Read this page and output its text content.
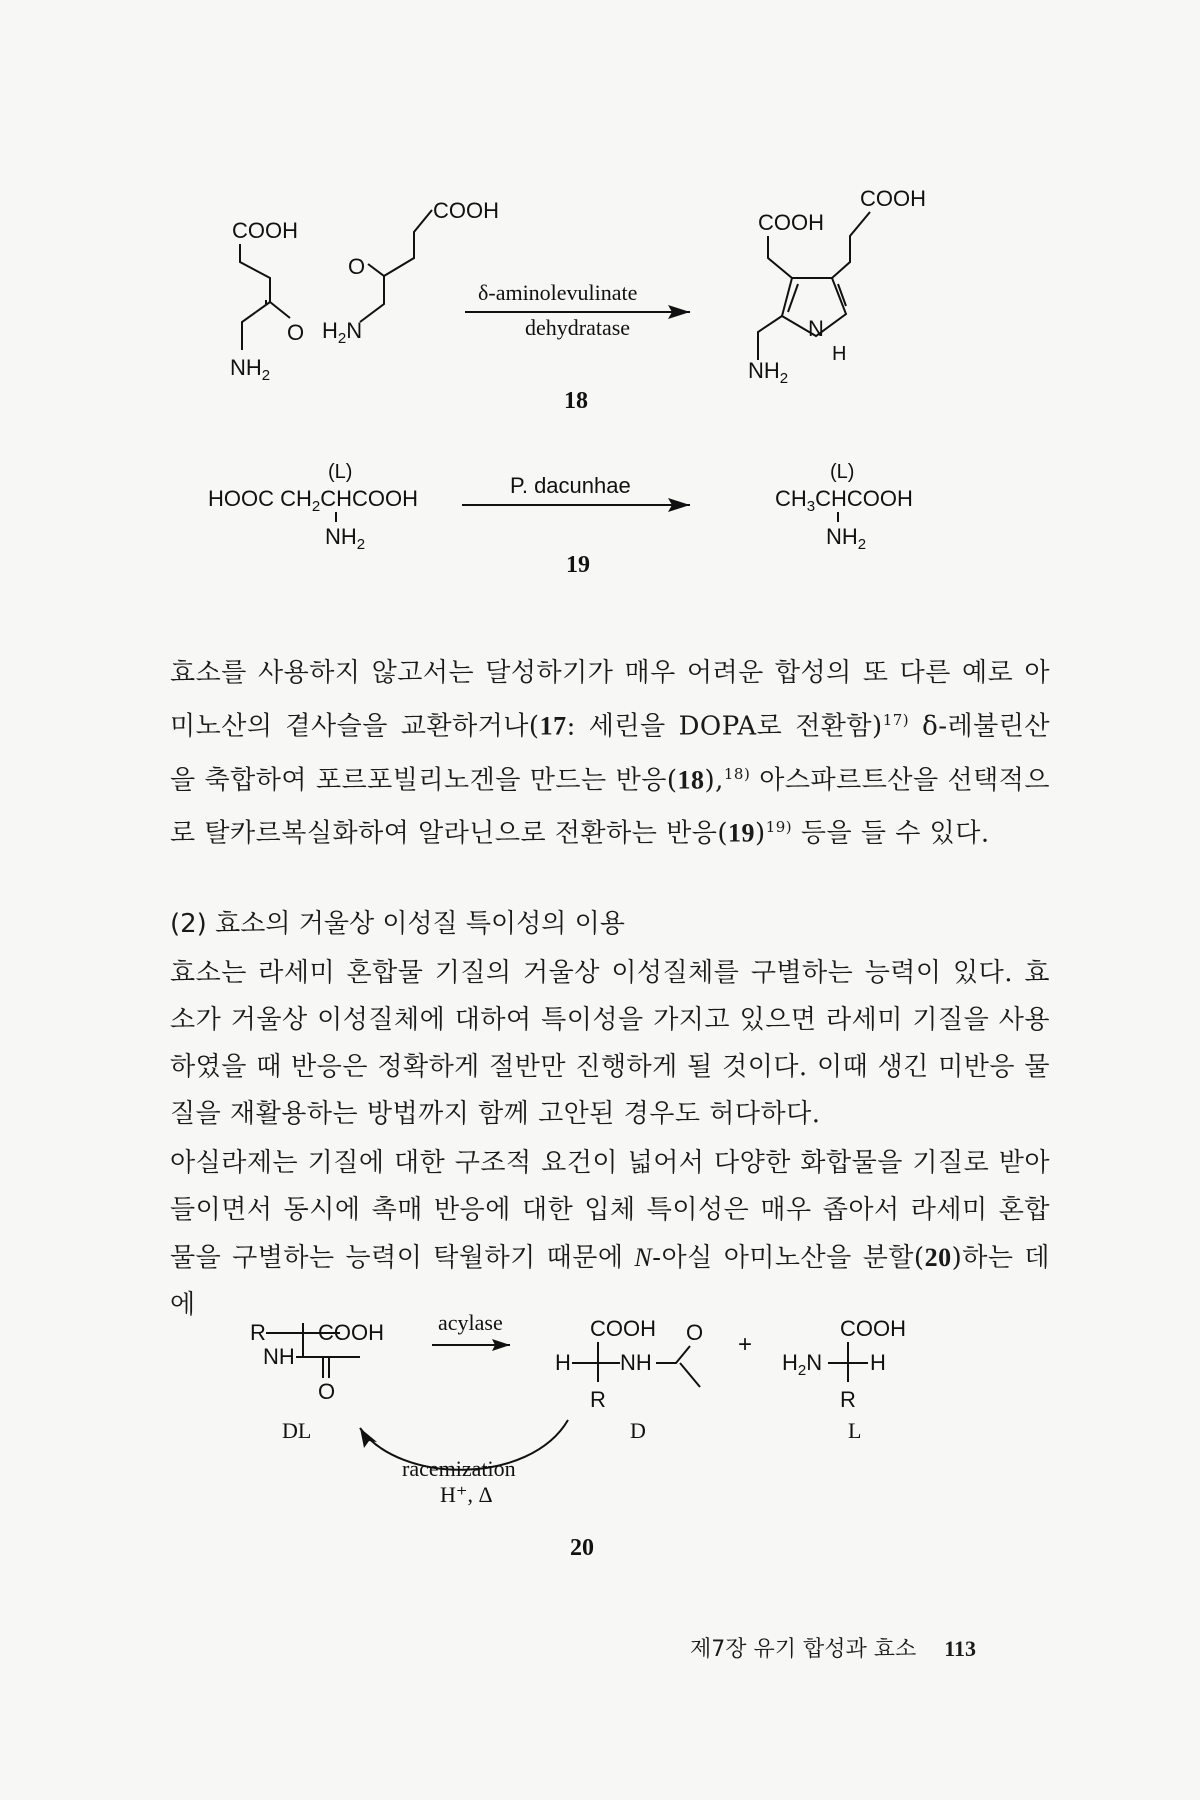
COOH
O
$NH_2$
COOH
O
$H_2N$
δ-aminolevulinate
dehydratase
COOH
COOH
N
H
$NH_2$
18
(L)
HOOC $CH_2CHCOOH$
$NH_2$
P. dacunhae
(L)
$CH_3CHCOOH$
$NH_2$
19

효소를 사용하지 않고서는 달성하기가 매우 어려운 합성의 또 다른 예로 아미노산의 곁사슬을 교환하거나(17: 세린을 DOPA로 전환함)$^{17)}$ δ-레불린산을 축합하여 포르포빌리노겐을 만드는 반응(18),$^{18)}$ 아스파르트산을 선택적으로 탈카르복실화하여 알라닌으로 전환하는 반응$(19)^{19)}$ 등을 들 수 있다.

(2) 효소의 거울상 이성질 특이성의 이용

효소는 라세미 혼합물 기질의 거울상 이성질체를 구별하는 능력이 있다. 효소가 거울상 이성질체에 대하여 특이성을 가지고 있으면 라세미 기질을 사용하였을 때 반응은 정확하게 절반만 진행하게 될 것이다. 이때 생긴 미반응 물질을 재활용하는 방법까지 함께 고안된 경우도 허다하다.

아실라제는 기질에 대한 구조적 요건이 넓어서 다양한 화합물을 기질로 받아들이면서 동시에 촉매 반응에 대한 입체 특이성은 매우 좁아서 라세미 혼합물을 구별하는 능력이 탁월하기 때문에 N-아실 아미노산을 분할(20)하는 데에

R COOH
NH
O
DL
acylase	COOH O
H NH
R
D
+
COOH
$H_2N$ H
R
L
racemization
H⁺, Δ
20
제7장 유기 합성과 효소 113
